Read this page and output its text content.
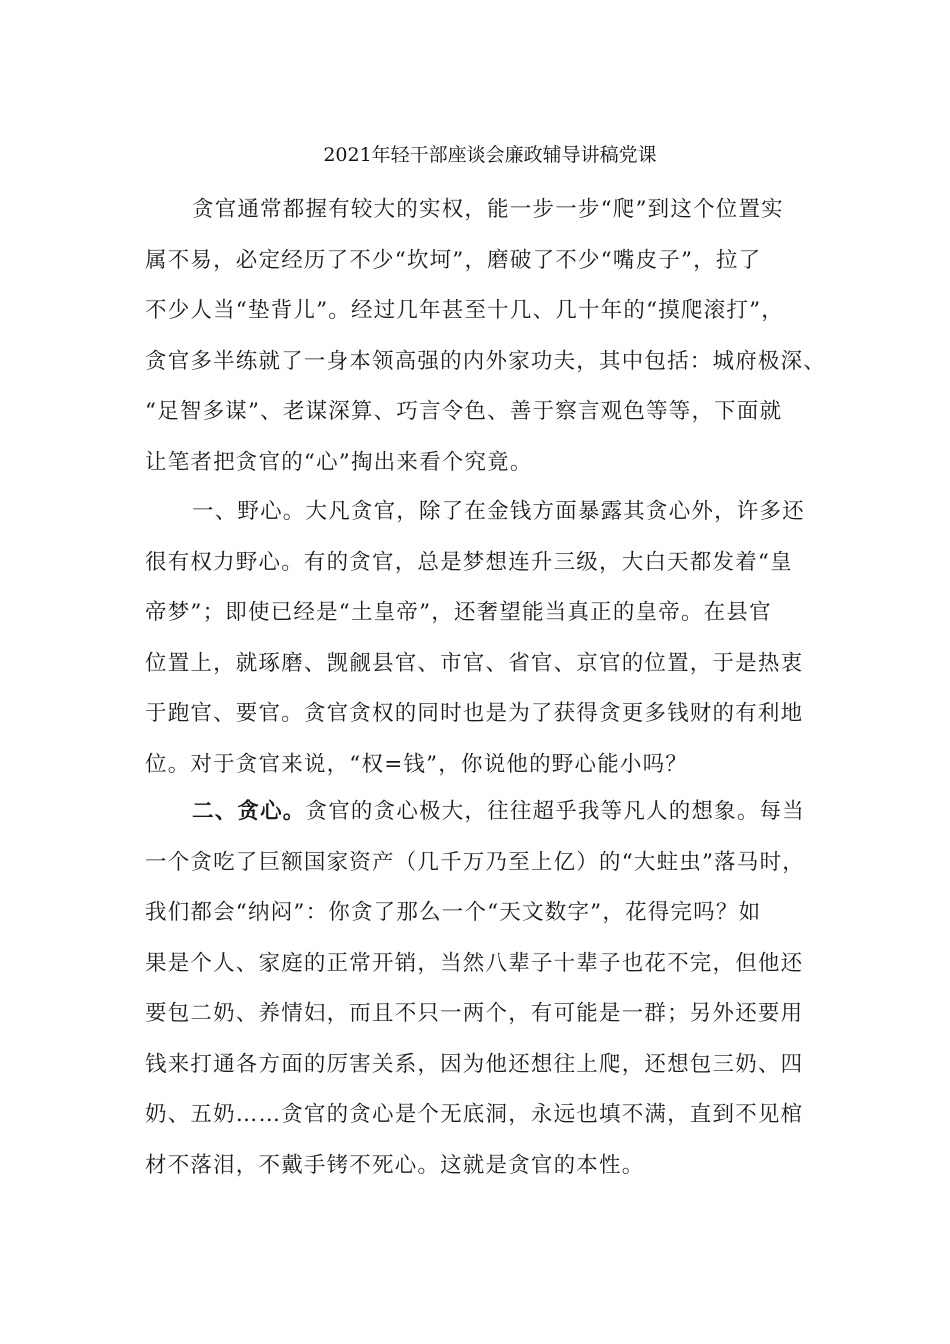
2021年轻干部座谈会廉政辅导讲稿党课
贪官通常都握有较大的实权，能一步一步“爬”到这个位置实
属不易，必定经历了不少“坎坷”，磨破了不少“嘴皮子”，拉了
不少人当“垫背儿”。经过几年甚至十几、几十年的“摸爬滚打”，
贪官多半练就了一身本领高强的内外家功夫，其中包括：城府极深、
“足智多谋”、老谋深算、巧言令色、善于察言观色等等，下面就
让笔者把贪官的“心”掏出来看个究竟。
一、野心。大凡贪官，除了在金钱方面暴露其贪心外，许多还
很有权力野心。有的贪官，总是梦想连升三级，大白天都发着“皇
帝梦”；即使已经是“土皇帝”，还奢望能当真正的皇帝。在县官
位置上，就琢磨、觊觎县官、市官、省官、京官的位置，于是热衷
于跑官、要官。贪官贪权的同时也是为了获得贪更多钱财的有利地
位。对于贪官来说，“权=钱”，你说他的野心能小吗？
二、贪心。贪官的贪心极大，往往超乎我等凡人的想象。每当
一个贪吃了巨额国家资产（几千万乃至上亿）的“大蛀虫”落马时，
我们都会“纳闷”：你贪了那么一个“天文数字”，花得完吗？如
果是个人、家庭的正常开销，当然八辈子十辈子也花不完，但他还
要包二奶、养情妇，而且不只一两个，有可能是一群；另外还要用
钱来打通各方面的厉害关系，因为他还想往上爬，还想包三奶、四
奶、五奶……贪官的贪心是个无底洞，永远也填不满，直到不见棺
材不落泪，不戴手铐不死心。这就是贪官的本性。
